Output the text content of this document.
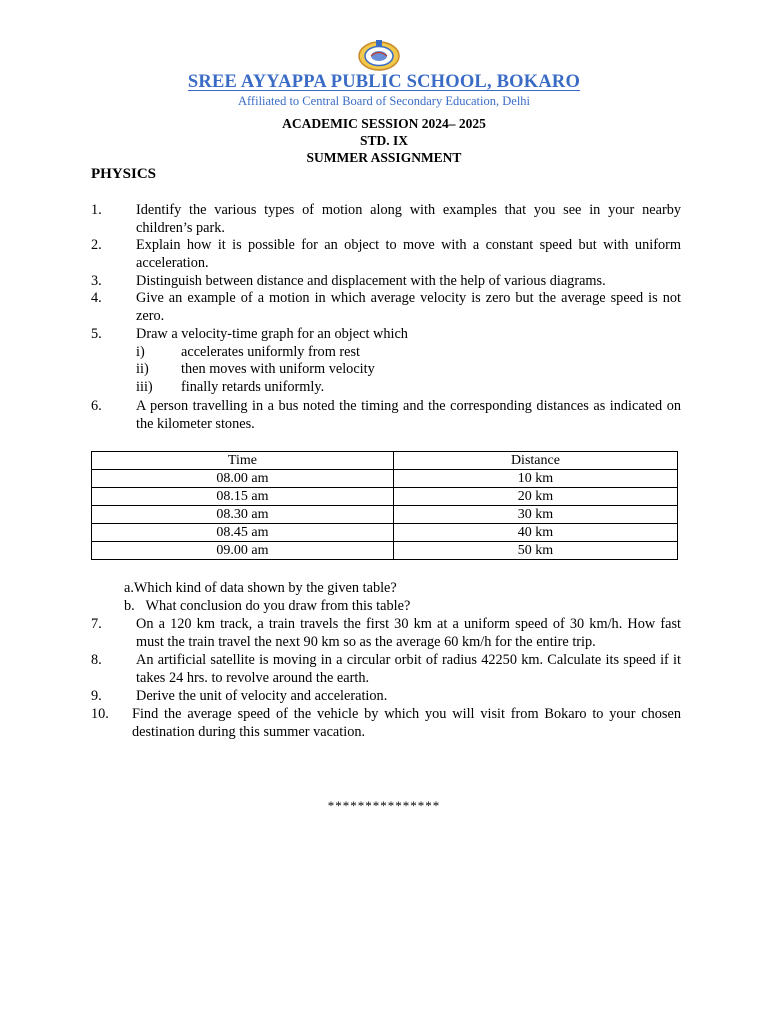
SREE AYYAPPA PUBLIC SCHOOL, BOKARO
Affiliated to Central Board of Secondary Education, Delhi
ACADEMIC SESSION 2024– 2025
STD. IX
SUMMER ASSIGNMENT
PHYSICS
1. Identify the various types of motion along with examples that you see in your nearby children’s park.
2. Explain how it is possible for an object to move with a constant speed but with uniform acceleration.
3. Distinguish between distance and displacement with the help of various diagrams.
4. Give an example of a motion in which average velocity is zero but the average speed is not zero.
5. Draw a velocity-time graph for an object which
i)	accelerates uniformly from rest
ii) then moves with uniform velocity
iii) finally retards uniformly.
6. A person travelling in a bus noted the timing and the corresponding distances as indicated on the kilometer stones.
Time	Distance
08.00 am	10 km
08.15 am	20 km
08.30 am	30 km
08.45 am	40 km
09.00 am	50 km
a.Which kind of data shown by the given table?
b. What conclusion do you draw from this table?
7. On a 120 km track, a train travels the first 30 km at a uniform speed of 30 km/h. How fast must the train travel the next 90 km so as the average 60 km/h for the entire trip.
8. An artificial satellite is moving in a circular orbit of radius 42250 km. Calculate its speed if it takes 24 hrs. to revolve around the earth.
9. Derive the unit of velocity and acceleration.
10. Find the average speed of the vehicle by which you will visit from Bokaro to your chosen destination during this summer vacation.
***************
